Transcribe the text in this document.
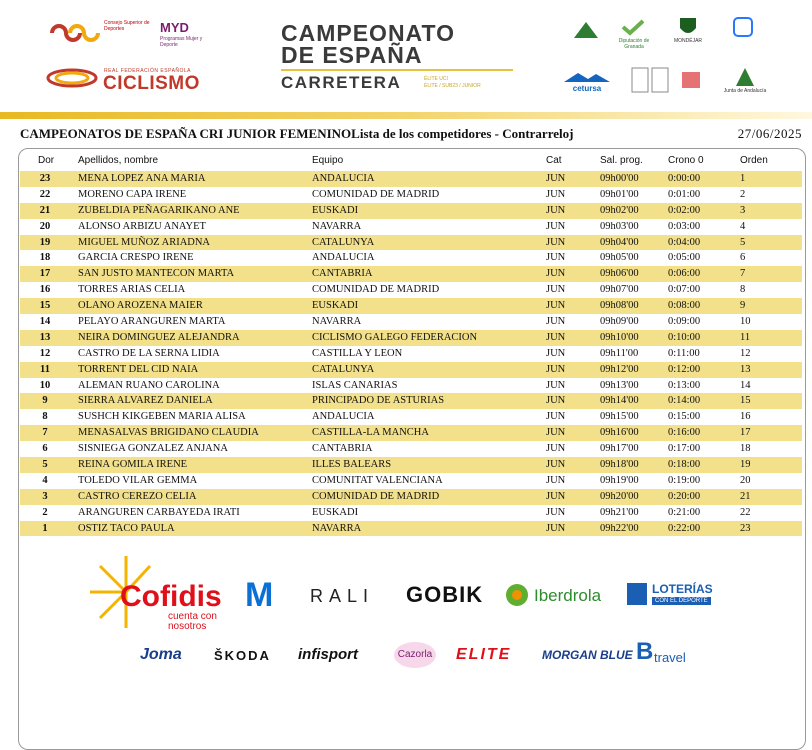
Consejo Superior de Deportes	MYD
Programas Mujer y Deporte
REAL FEDERACIÓN ESPAÑOLA
CICLISMO
CAMPEONATO
DE ESPAÑA
CARRETERA	ÉLITE UCI
ÉLITE / SUB23 / JUNIOR
Diputación de Granada
MONDÉJAR
cetursa	Junta de Andalucía
CAMPEONATOS DE ESPAÑA CRI JUNIOR FEMENINOLista de los competidores - Contrarreloj	27/06/2025
Dor Apellidos, nombre	Equipo	Cat	Sal. prog.	Crono 0	Orden
23	MENA LOPEZ ANA MARIA	ANDALUCIA	JUN	09h00'00	0:00:00	1
22	MORENO CAPA IRENE	COMUNIDAD DE MADRID	JUN	09h01'00	0:01:00	2
21	ZUBELDIA PEÑAGARIKANO ANE	EUSKADI	JUN	09h02'00	0:02:00	3
20	ALONSO ARBIZU ANAYET	NAVARRA	JUN	09h03'00	0:03:00	4
19	MIGUEL MUÑOZ ARIADNA	CATALUNYA	JUN	09h04'00	0:04:00	5
18	GARCIA CRESPO IRENE	ANDALUCIA	JUN	09h05'00	0:05:00	6
17	SAN JUSTO MANTECON MARTA	CANTABRIA	JUN	09h06'00	0:06:00	7
16	TORRES ARIAS CELIA	COMUNIDAD DE MADRID	JUN	09h07'00	0:07:00	8
15	OLANO AROZENA MAIER	EUSKADI	JUN	09h08'00	0:08:00	9
14	PELAYO ARANGUREN MARTA	NAVARRA	JUN	09h09'00	0:09:00	10
13	NEIRA DOMINGUEZ ALEJANDRA	CICLISMO GALEGO FEDERACION	JUN	09h10'00	0:10:00	11
12	CASTRO DE LA SERNA LIDIA	CASTILLA Y LEON	JUN	09h11'00	0:11:00	12
11	TORRENT DEL CID NAIA	CATALUNYA	JUN	09h12'00	0:12:00	13
10	ALEMAN RUANO CAROLINA	ISLAS CANARIAS	JUN	09h13'00	0:13:00	14
9	SIERRA ALVAREZ DANIELA	PRINCIPADO DE ASTURIAS	JUN	09h14'00	0:14:00	15
8	SUSHCH KIKGEBEN MARIA ALISA	ANDALUCIA	JUN	09h15'00	0:15:00	16
7	MENASALVAS BRIGIDANO CLAUDIA	CASTILLA-LA MANCHA	JUN	09h16'00	0:16:00	17
6	SISNIEGA GONZALEZ ANJANA	CANTABRIA	JUN	09h17'00	0:17:00	18
5	REINA GOMILA IRENE	ILLES BALEARS	JUN	09h18'00	0:18:00	19
4	TOLEDO VILAR GEMMA	COMUNITAT VALENCIANA	JUN	09h19'00	0:19:00	20
3	CASTRO CEREZO CELIA	COMUNIDAD DE MADRID	JUN	09h20'00	0:20:00	21
2	ARANGUREN CARBAYEDA IRATI	EUSKADI	JUN	09h21'00	0:21:00	22
1	OSTIZ TACO PAULA	NAVARRA	JUN	09h22'00	0:22:00	23
Cofidis
cuenta con nosotros
M RALI GOBIK	Iberdrola	LOTERÍAS
CON EL DEPORTE
Joma ŠKODA infisport	Cazorla ELITE	MORGAN BLUE B travel
